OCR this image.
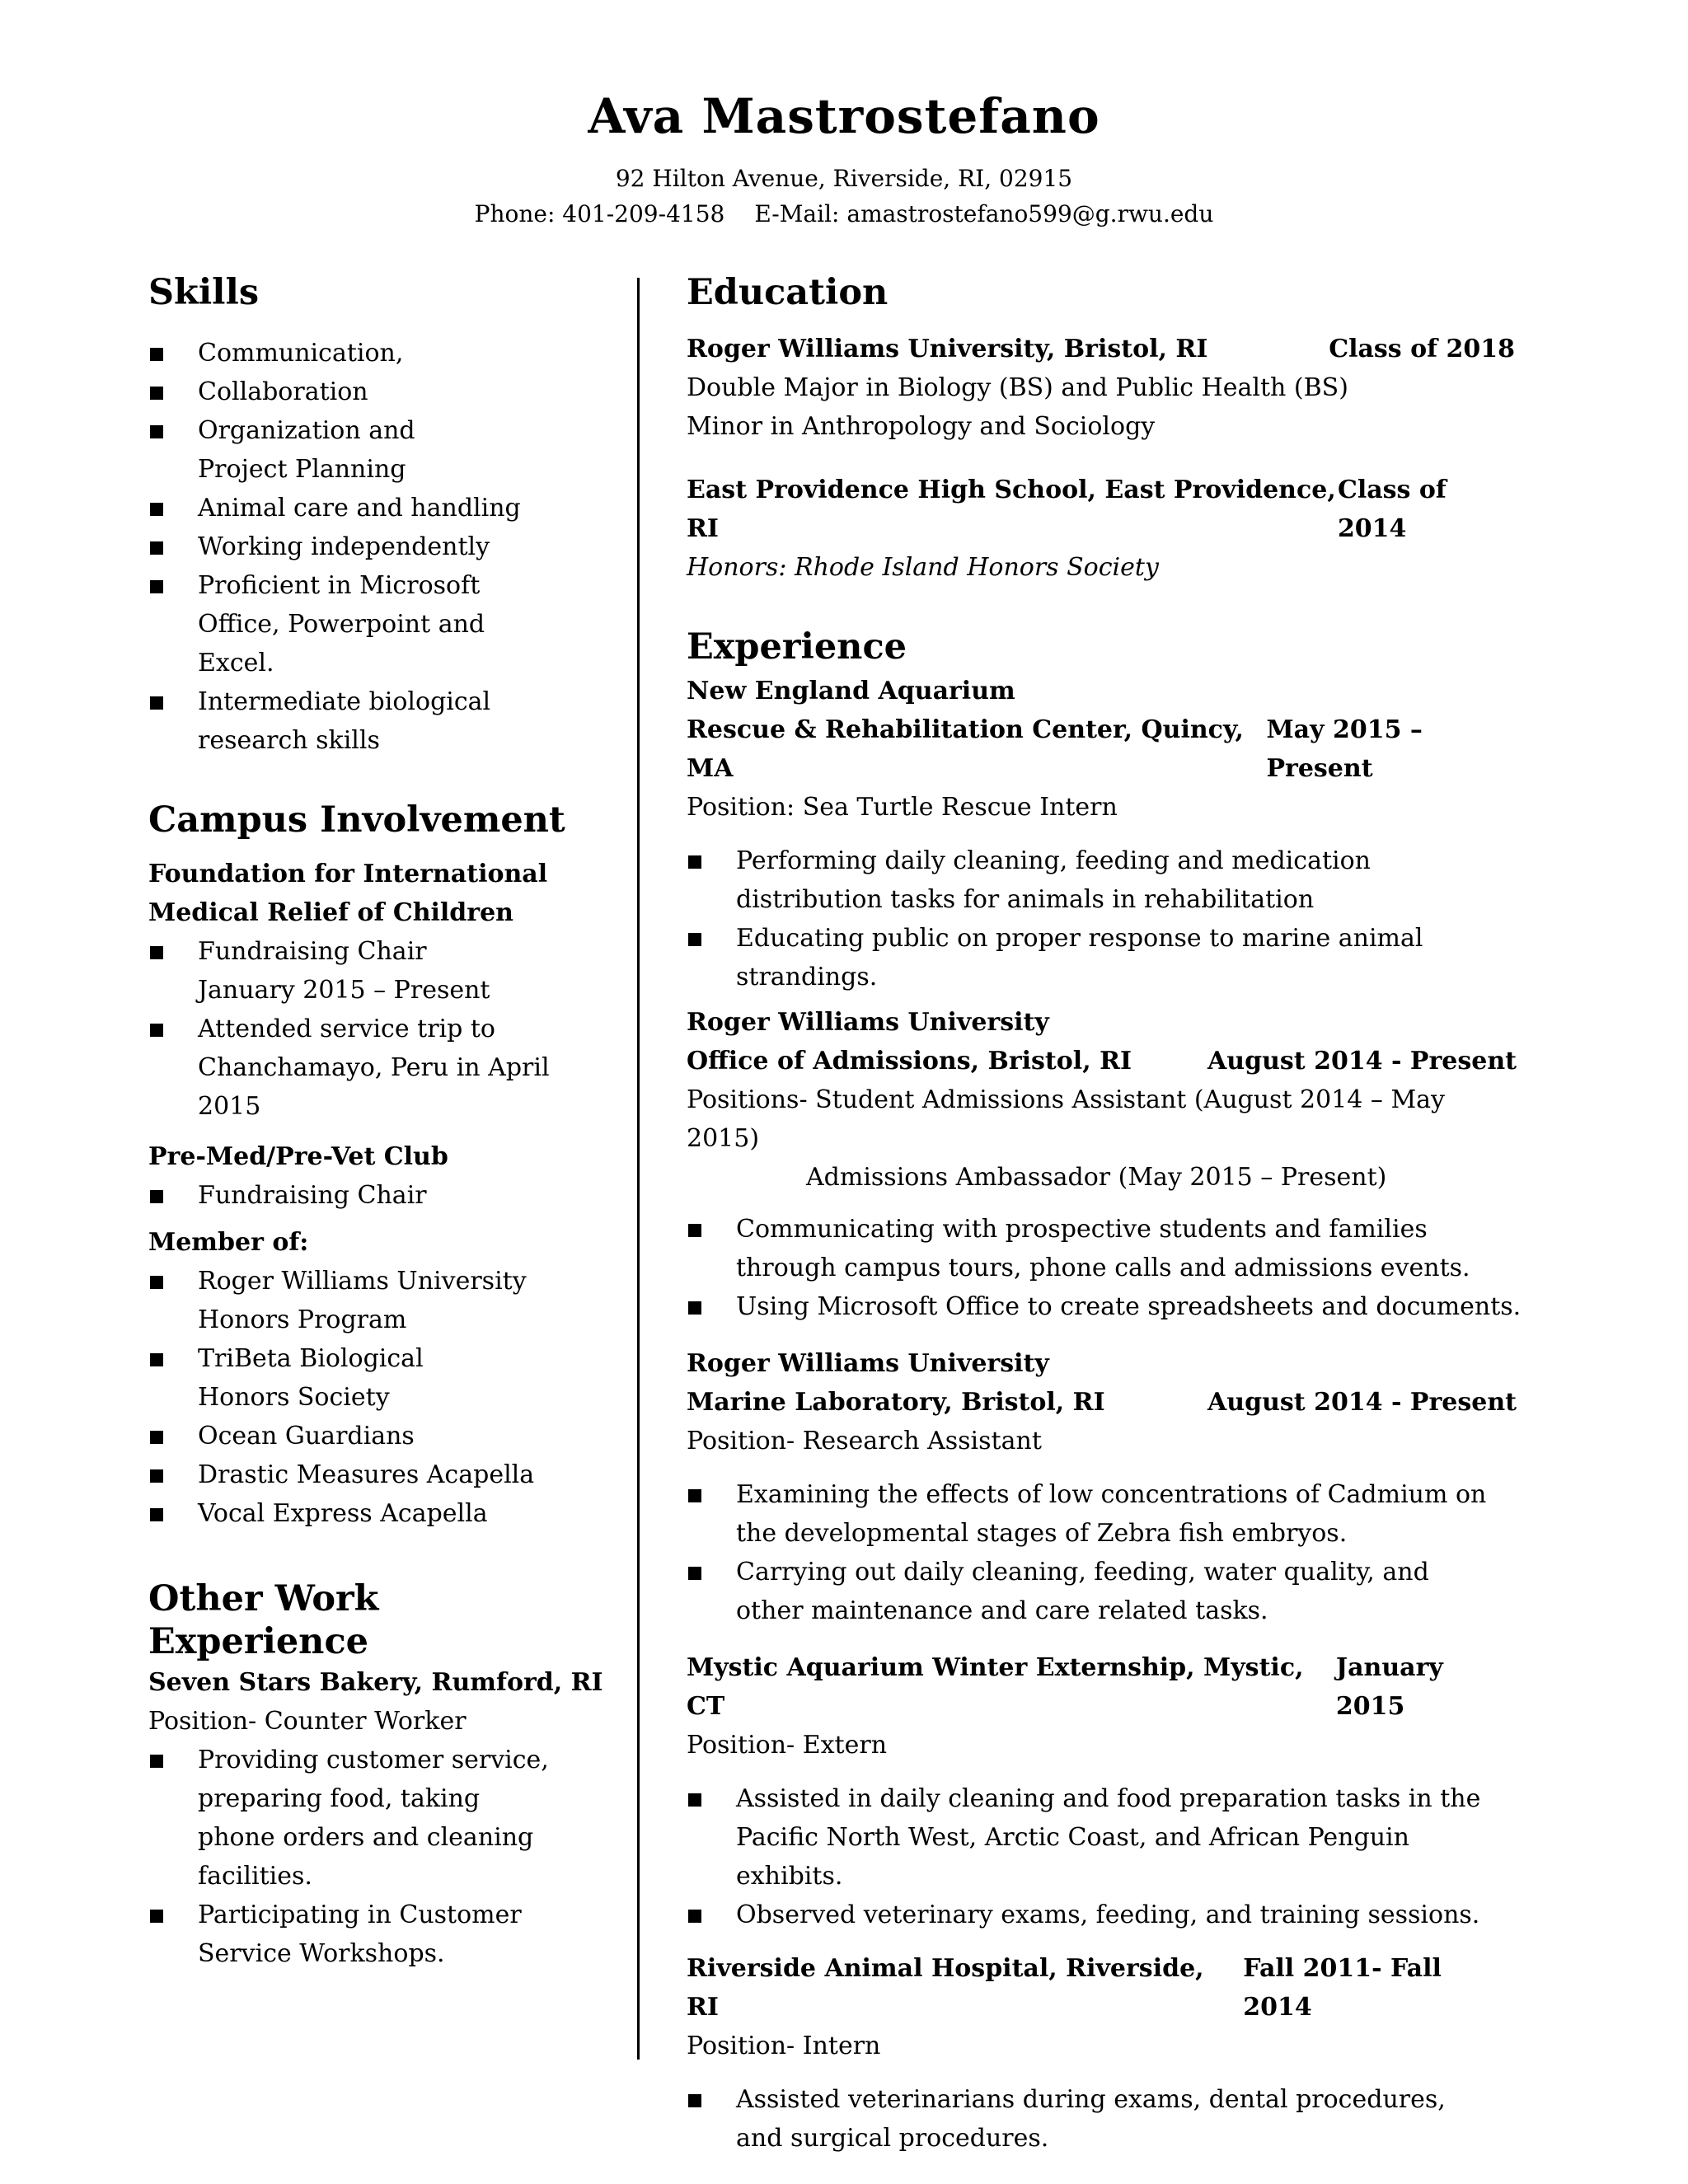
Ava Mastrostefano
92 Hilton Avenue, Riverside, RI, 02915
Phone: 401-209-4158 E-Mail: amastrostefano599@g.rwu.edu
Skills
Communication,
Collaboration
Organization and Project Planning
Animal care and handling
Working independently
Proficient in Microsoft Office, Powerpoint and Excel.
Intermediate biological research skills
Campus Involvement
Foundation for International
Medical Relief of Children
Fundraising Chair
January 2015 – Present
Attended service trip to Chanchamayo, Peru in April 2015
Pre-Med/Pre-Vet Club
Fundraising Chair
Member of:
Roger Williams University Honors Program
TriBeta Biological Honors Society
Ocean Guardians
Drastic Measures Acapella
Vocal Express Acapella
Other Work Experience
Seven Stars Bakery, Rumford, RI
Position- Counter Worker
Providing customer service, preparing food, taking phone orders and cleaning facilities.
Participating in Customer Service Workshops.
Education
Roger Williams University, Bristol, RI	Class of 2018
Double Major in Biology (BS) and Public Health (BS)
Minor in Anthropology and Sociology
East Providence High School, East Providence, RI
Class of 2014
Honors: Rhode Island Honors Society
Experience
New England Aquarium
Rescue & Rehabilitation Center, Quincy, MA
May 2015 – Present
Position: Sea Turtle Rescue Intern
Performing daily cleaning, feeding and medication distribution tasks for animals in rehabilitation
Educating public on proper response to marine animal strandings.
Roger Williams University
Office of Admissions, Bristol, RI	August 2014 - Present
Positions- Student Admissions Assistant (August 2014 – May 2015)
Admissions Ambassador (May 2015 – Present)
Communicating with prospective students and families through campus tours, phone calls and admissions events.
Using Microsoft Office to create spreadsheets and documents.
Roger Williams University
Marine Laboratory, Bristol, RI	August 2014 - Present
Position- Research Assistant
Examining the effects of low concentrations of Cadmium on the developmental stages of Zebra fish embryos.
Carrying out daily cleaning, feeding, water quality, and other maintenance and care related tasks.
Mystic Aquarium Winter Externship, Mystic, CT
January 2015
Position- Extern
Assisted in daily cleaning and food preparation tasks in the Pacific North West, Arctic Coast, and African Penguin exhibits.
Observed veterinary exams, feeding, and training sessions.
Riverside Animal Hospital, Riverside, RI
Fall 2011- Fall 2014
Position- Intern
Assisted veterinarians during exams, dental procedures, and surgical procedures.
